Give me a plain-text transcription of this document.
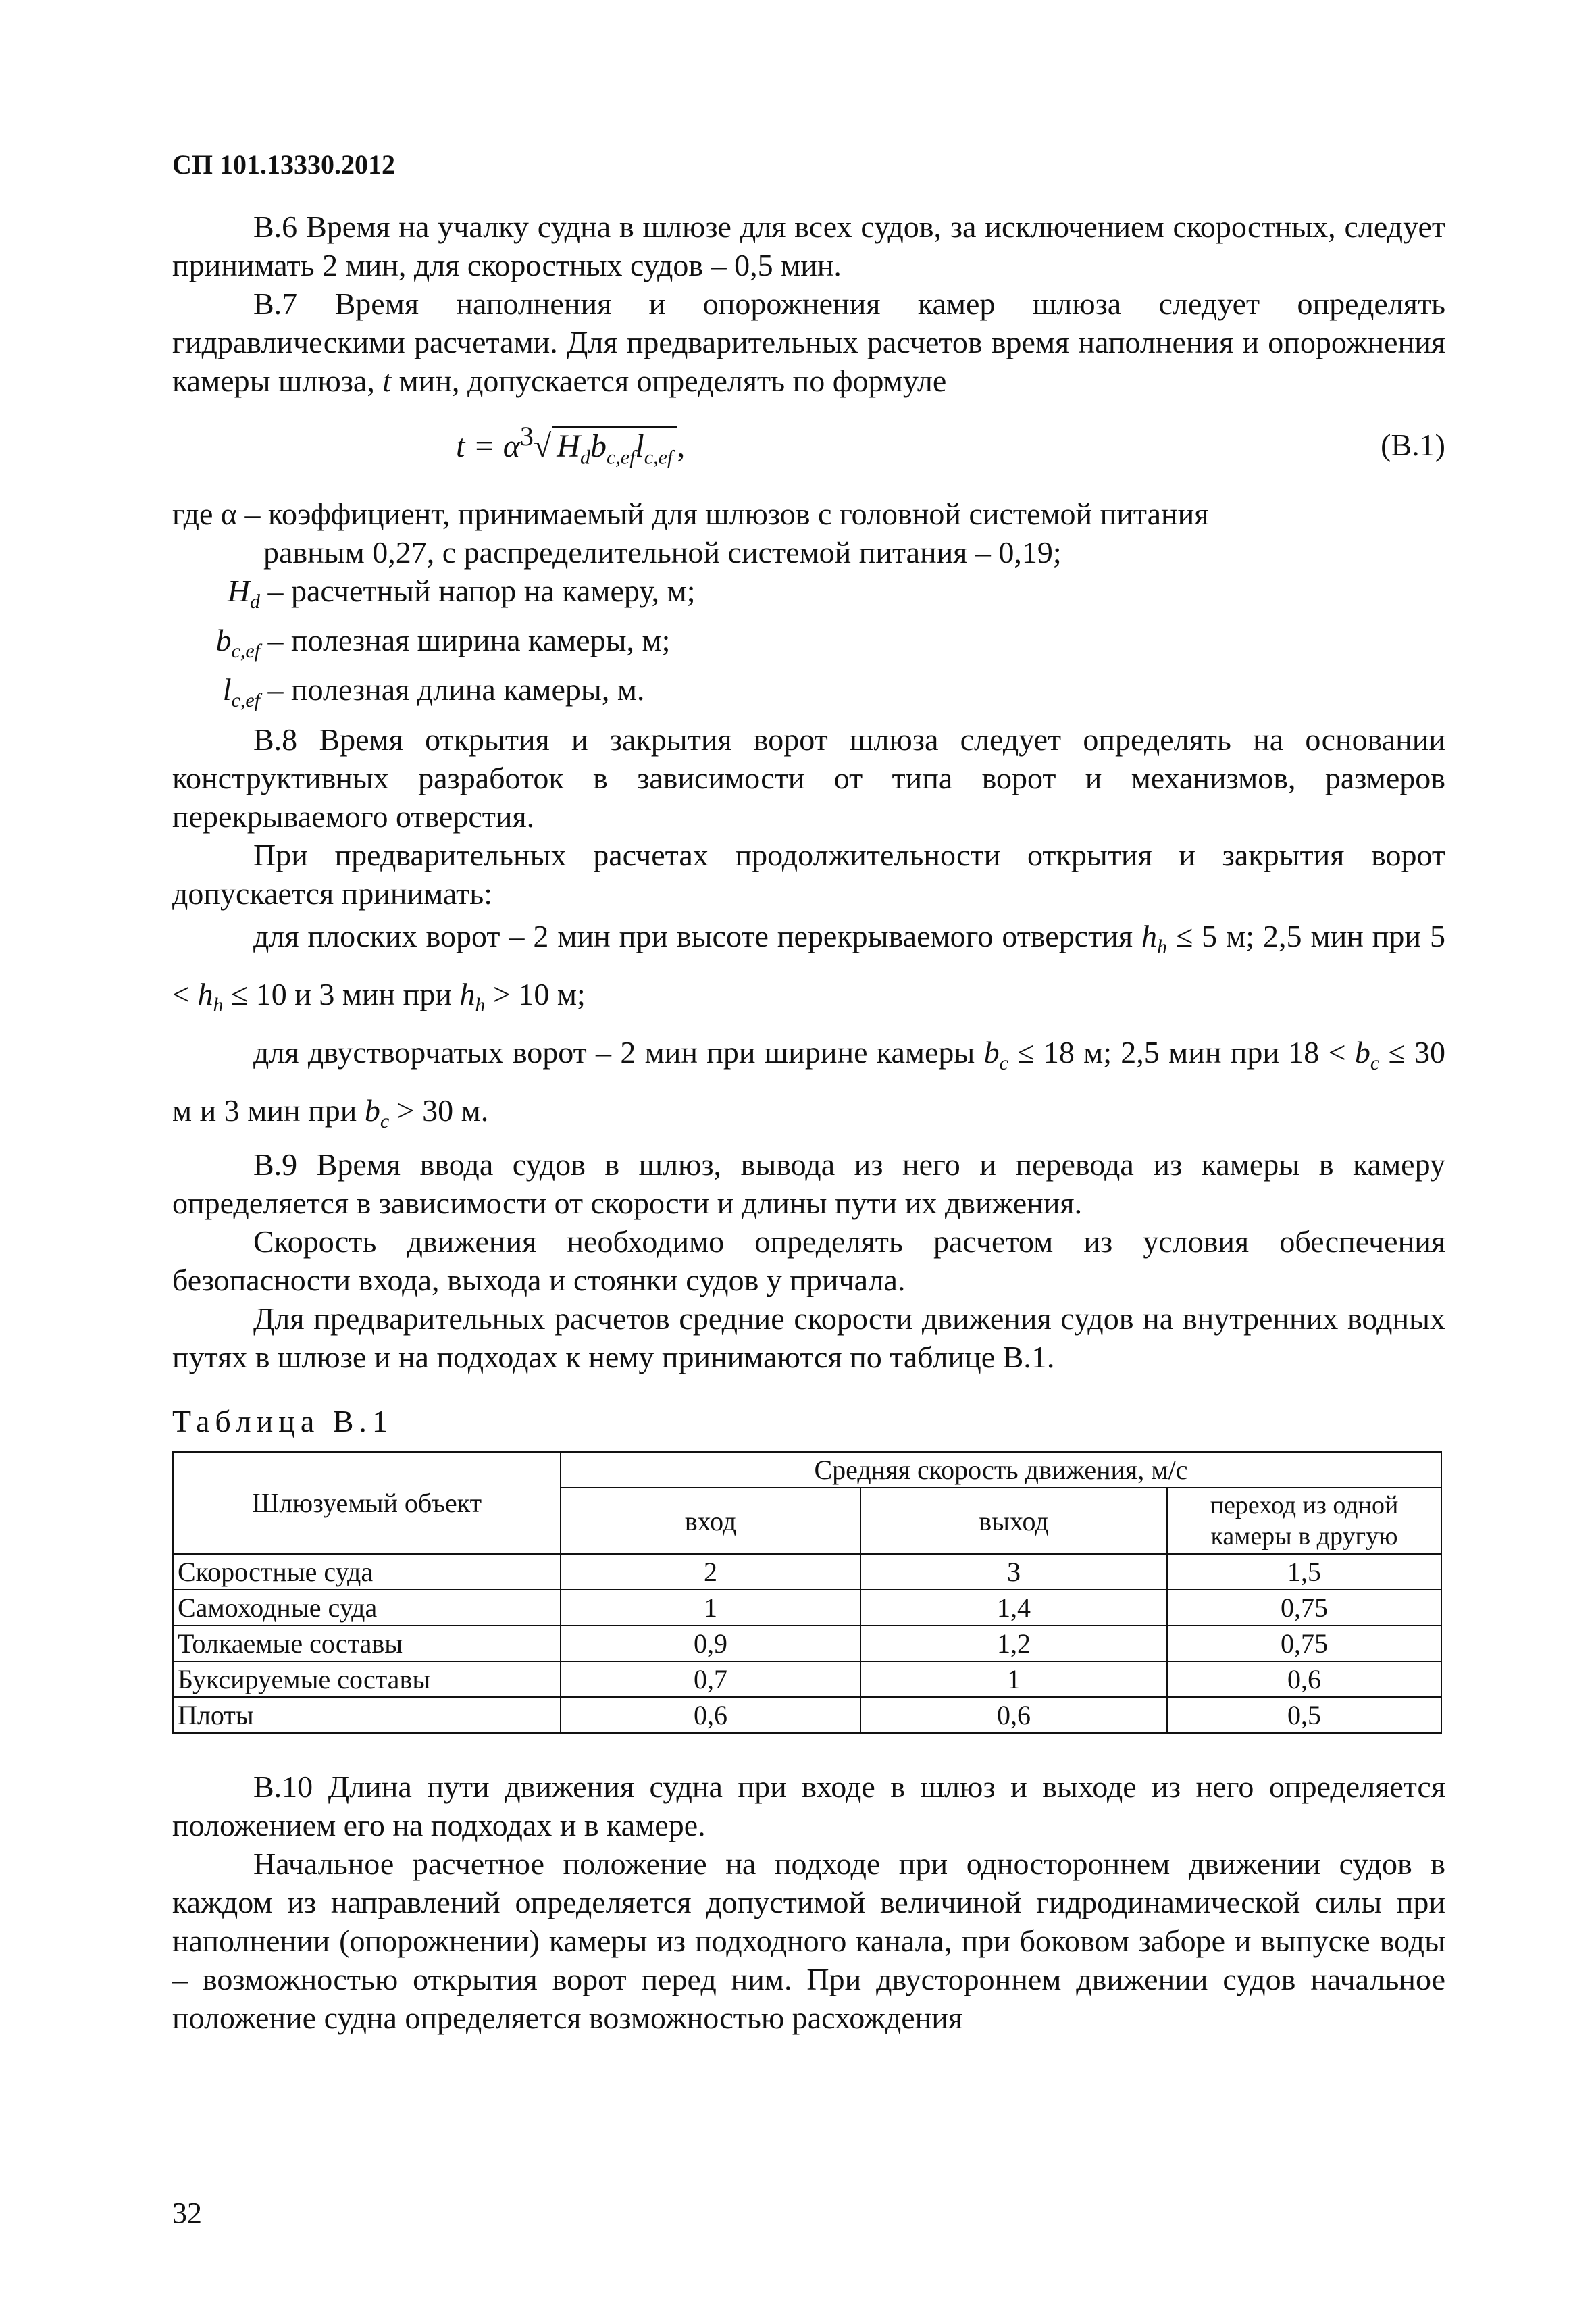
СП 101.13330.2012

В.6 Время на учалку судна в шлюзе для всех судов, за исключением скоростных, следует принимать 2 мин, для скоростных судов – 0,5 мин.

В.7 Время наполнения и опорожнения камер шлюза следует определять гидравлическими расчетами. Для предварительных расчетов время наполнения и опорожнения камеры шлюза, t мин, допускается определять по формуле

$t = \alpha^3√$ $H_db_{c,ef}l_{c,ef}$ ,	(В.1)

где α – коэффициент, принимаемый для шлюзов с головной системой питания

равным 0,27, с распределительной системой питания – 0,19;
$H_d$ – расчетный напор на камеру, м;
$b_{c,ef}$ – полезная ширина камеры, м;
$l_{c,ef}$ – полезная длина камеры, м.

В.8 Время открытия и закрытия ворот шлюза следует определять на основании конструктивных разработок в зависимости от типа ворот и механизмов, размеров перекрываемого отверстия.

При предварительных расчетах продолжительности открытия и закрытия ворот допускается принимать:

для плоских ворот – 2 мин при высоте перекрываемого отверстия $h_h \le 5$ м; 2,5 мин при $5 < h_h \le 10$ и 3 мин при $h_h > 10$ м;

для двустворчатых ворот – 2 мин при ширине камеры $b_c \le 18$ м; 2,5 мин при $18 < b_c \le 30$ м и 3 мин при $b_c > 30$ м.

В.9 Время ввода судов в шлюз, вывода из него и перевода из камеры в камеру определяется в зависимости от скорости и длины пути их движения.

Скорость движения необходимо определять расчетом из условия обеспечения безопасности входа, выхода и стоянки судов у причала.

Для предварительных расчетов средние скорости движения судов на внутренних водных путях в шлюзе и на подходах к нему принимаются по таблице В.1.

Таблица В.1
Шлюзуемый объект	Средняя скорость движения, м/с		
	вход	выход	переход из одной камеры в другую
Скоростные суда	2	3	1,5
Самоходные суда	1	1,4	0,75
Толкаемые составы	0,9	1,2	0,75
Буксируемые составы	0,7	1	0,6
Плоты	0,6	0,6	0,5

В.10 Длина пути движения судна при входе в шлюз и выходе из него определяется положением его на подходах и в камере.

Начальное расчетное положение на подходе при одностороннем движении судов в каждом из направлений определяется допустимой величиной гидродинамической силы при наполнении (опорожнении) камеры из подходного канала, при боковом заборе и выпуске воды – возможностью открытия ворот перед ним. При двустороннем движении судов начальное положение судна определяется возможностью расхождения

32
